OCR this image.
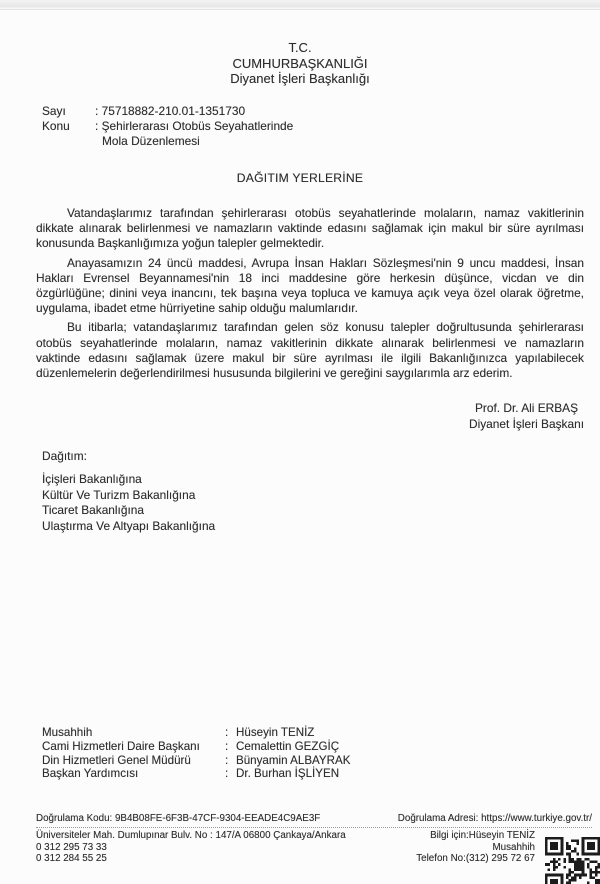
T.C.
CUMHURBAŞKANLIĞI
Diyanet İşleri Başkanlığı
Sayı	: 75718882-210.01-1351730
Konu	: Şehirlerarası Otobüs Seyahatlerinde
Mola Düzenlemesi
DAĞITIM YERLERİNE

Vatandaşlarımız tarafından şehirlerarası otobüs seyahatlerinde molaların, namaz vakitlerinin dikkate alınarak belirlenmesi ve namazların vaktinde edasını sağlamak için makul bir süre ayrılması konusunda Başkanlığımıza yoğun talepler gelmektedir.

Anayasamızın 24 üncü maddesi, Avrupa İnsan Hakları Sözleşmesi'nin 9 uncu maddesi, İnsan Hakları Evrensel Beyannamesi'nin 18 inci maddesine göre herkesin düşünce, vicdan ve din özgürlüğüne; dinini veya inancını, tek başına veya topluca ve kamuya açık veya özel olarak öğretme, uygulama, ibadet etme hürriyetine sahip olduğu malumlarıdır.

Bu itibarla; vatandaşlarımız tarafından gelen söz konusu talepler doğrultusunda şehirlerarası otobüs seyahatlerinde molaların, namaz vakitlerinin dikkate alınarak belirlenmesi ve namazların vaktinde edasını sağlamak üzere makul bir süre ayrılması ile ilgili Bakanlığınızca yapılabilecek düzenlemelerin değerlendirilmesi hususunda bilgilerini ve gereğini saygılarımla arz ederim.

Prof. Dr. Ali ERBAŞ
Diyanet İşleri Başkanı
Dağıtım:
İçişleri Bakanlığına
Kültür Ve Turizm Bakanlığına
Ticaret Bakanlığına
Ulaştırma Ve Altyapı Bakanlığına
Musahhih	: Hüseyin TENİZ
Cami Hizmetleri Daire Başkanı	: Cemalettin GEZGİÇ
Din Hizmetleri Genel Müdürü	: Bünyamin ALBAYRAK
Başkan Yardımcısı	: Dr. Burhan İŞLİYEN
Doğrulama Kodu: 9B4B08FE-6F3B-47CF-9304-EEADE4C9AE3F	Doğrulama Adresi: https://www.turkiye.gov.tr/
Üniversiteler Mah. Dumlupınar Bulv. No : 147/A 06800 Çankaya/Ankara
0 312 295 73 33
0 312 284 55 25
Bilgi için:Hüseyin TENİZ
Musahhih
Telefon No:(312) 295 72 67
